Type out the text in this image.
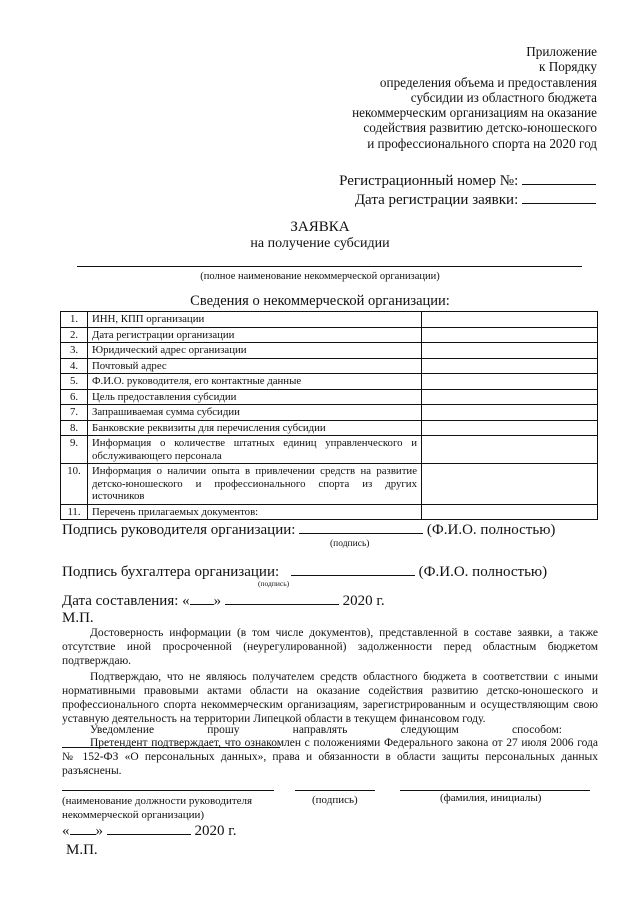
Приложение
к Порядку
определения объема и предоставления
субсидии из областного бюджета
некоммерческим организациям на оказание
содействия развитию детско-юношеского
и профессионального спорта на 2020 год
Регистрационный номер №:
Дата регистрации заявки:
ЗАЯВКА
на получение субсидии
(полное наименование некоммерческой организации)
Сведения о некоммерческой организации:
1.	ИНН, КПП организации	
2.	Дата регистрации организации	
3.	Юридический адрес организации	
4.	Почтовый адрес	
5.	Ф.И.О. руководителя, его контактные данные	
6.	Цель предоставления субсидии	
7.	Запрашиваемая сумма субсидии	
8.	Банковские реквизиты для перечисления субсидии	
9.	Информация о количестве штатных единиц управленческого и обслуживающего персонала	
10.	Информация о наличии опыта в привлечении средств на развитие детско-юношеского и профессионального спорта из других источников	
11.	Перечень прилагаемых документов:	
Подпись руководителя организации:	(Ф.И.О. полностью)
(подпись)
Подпись бухгалтера организации:	(Ф.И.О. полностью)
(подпись)
Дата составления: « »	2020 г.
М.П.
Достоверность информации (в том числе документов), представленной в составе заявки, а также отсутствие иной просроченной (неурегулированной) задолженности перед областным бюджетом подтверждаю.
Подтверждаю, что не являюсь получателем средств областного бюджета в соответствии с иными нормативными правовыми актами области на оказание содействия развитию детско-юношеского и профессионального спорта некоммерческим организациям, зарегистрированным и осуществляющим свою уставную деятельность на территории Липецкой области в текущем финансовом году.
Уведомление прошу направлять следующим способом:
Претендент подтверждает, что ознакомлен с положениями Федерального закона от 27 июля 2006 года № 152-ФЗ «О персональных данных», права и обязанности в области защиты персональных данных разъяснены.
(наименование должности руководителя
некоммерческой организации)
(подпись)	(фамилия, инициалы)
« »	2020 г.
М.П.
